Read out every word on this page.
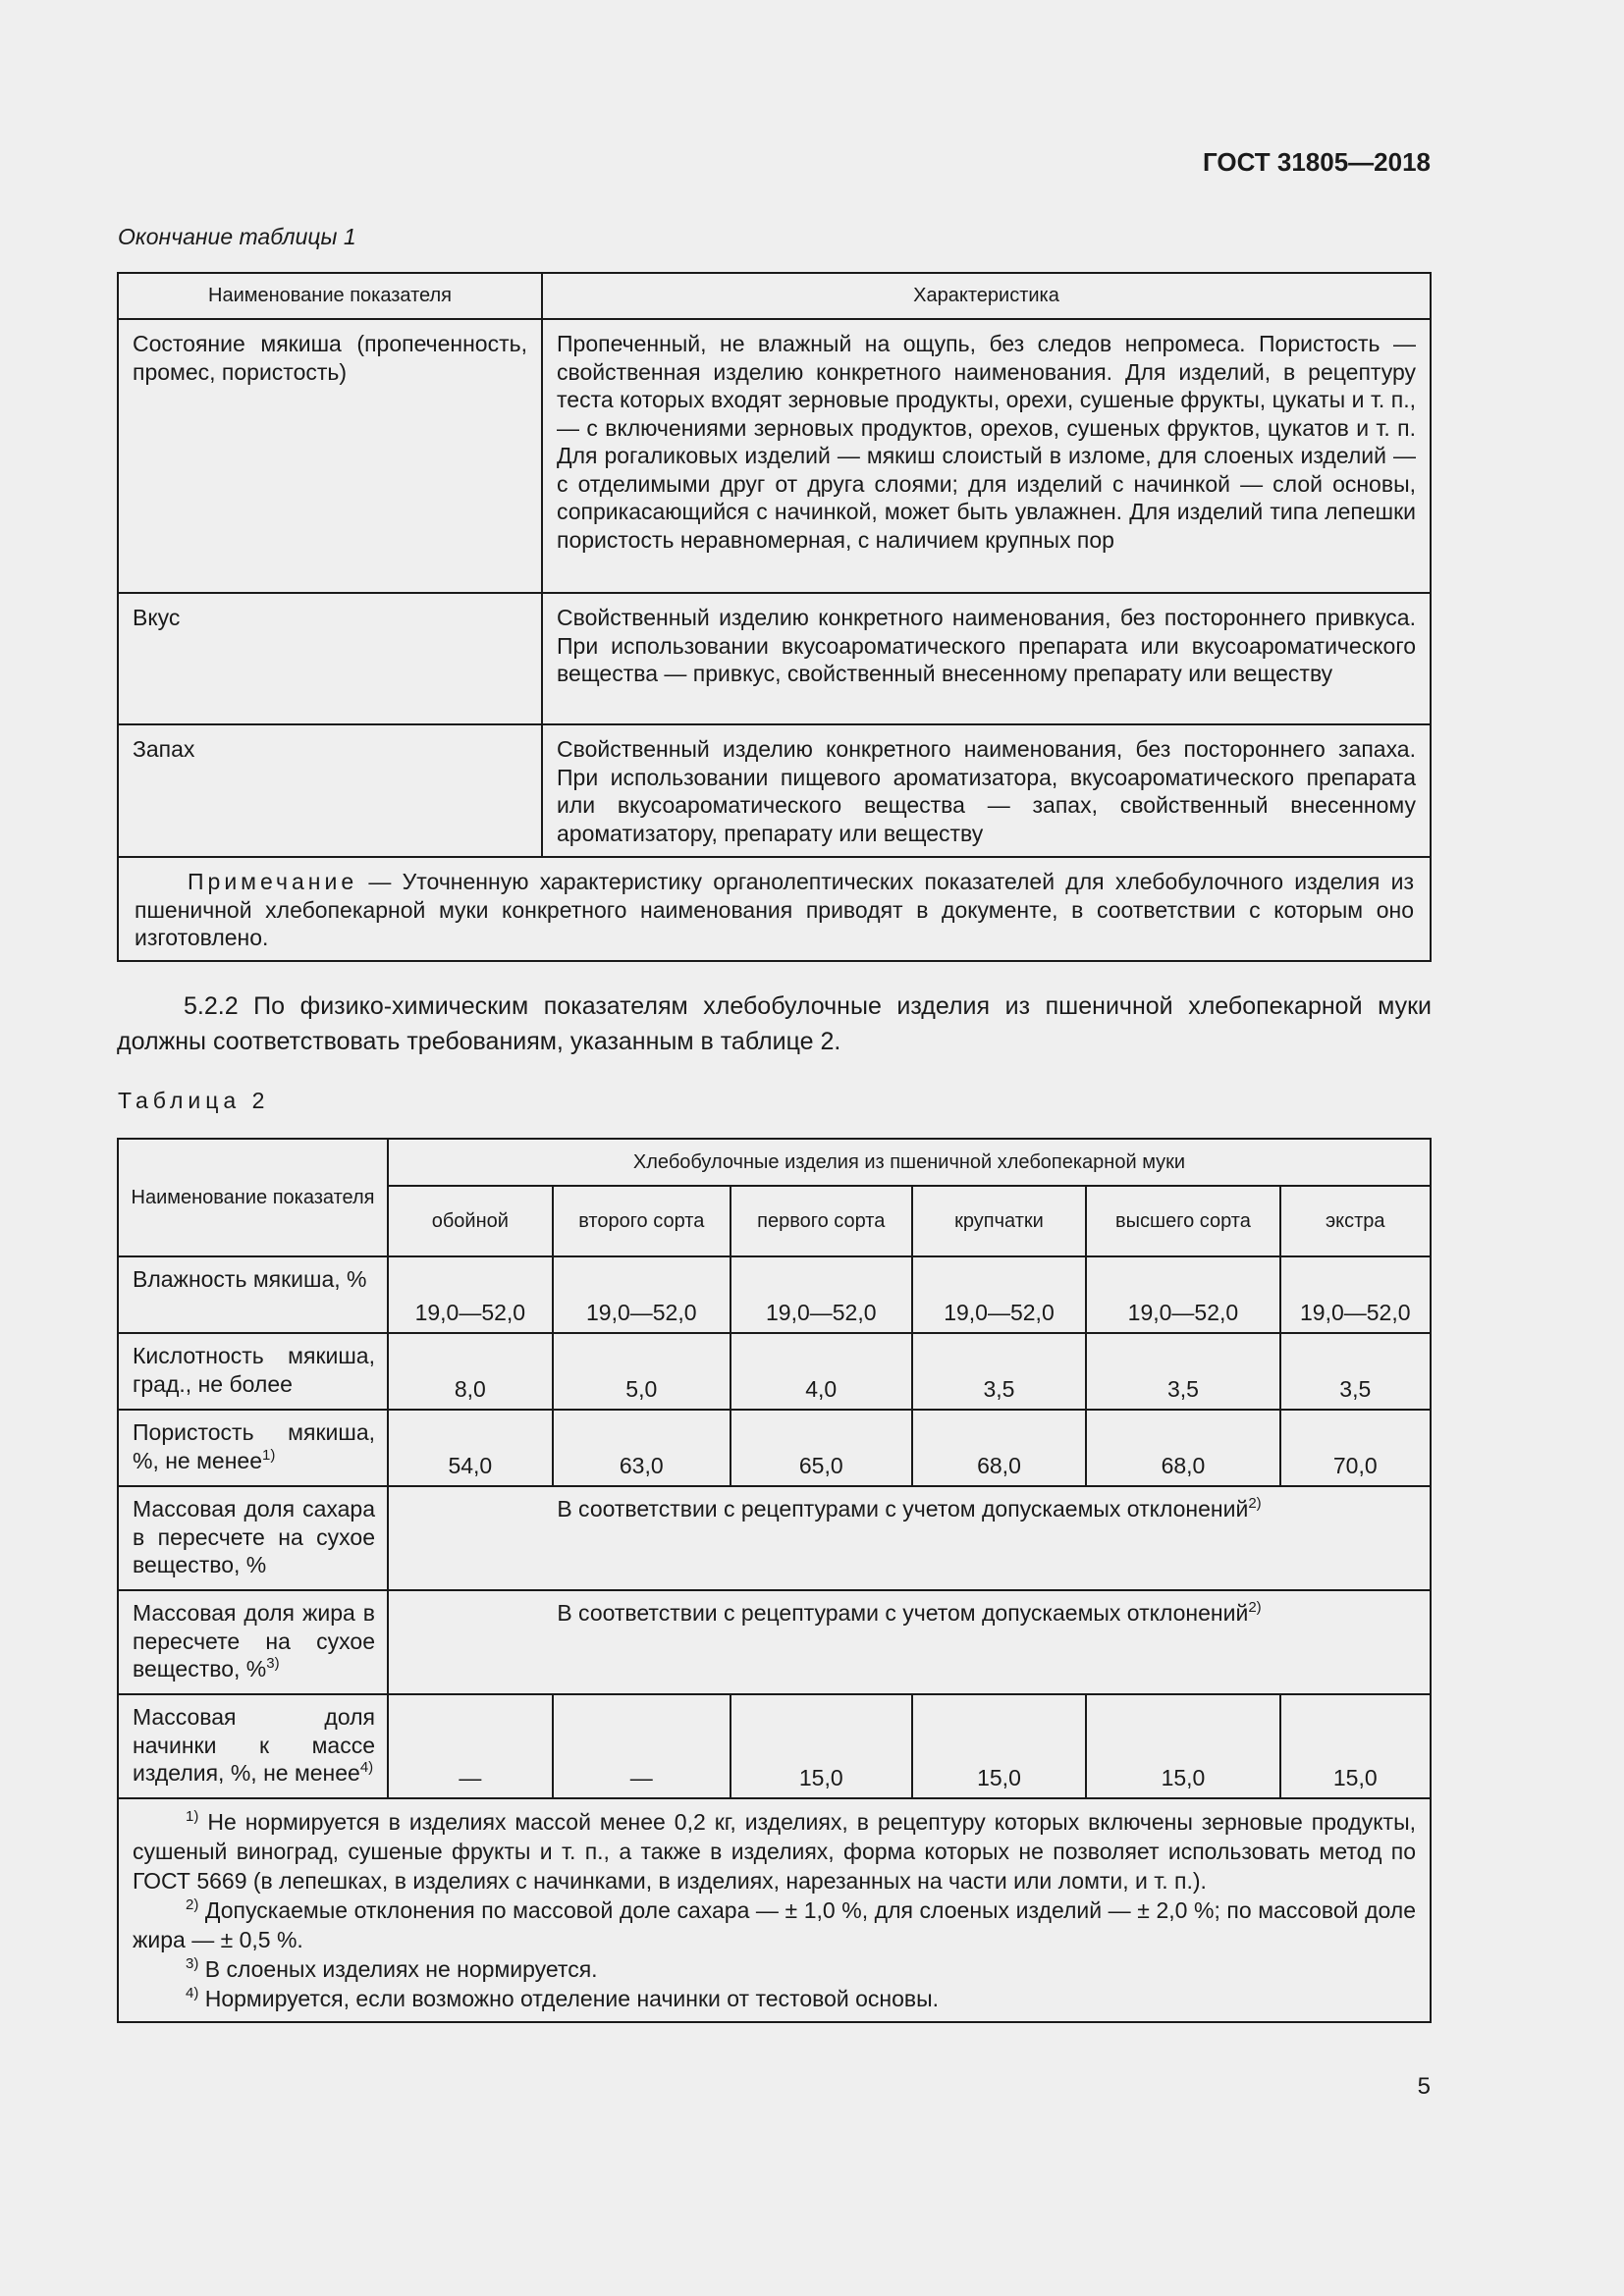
ГОСТ 31805—2018
Окончание таблицы 1
Наименование показателя	Характеристика
Состояние мякиша (пропеченность, промес, пористость)	Пропеченный, не влажный на ощупь, без следов непромеса. Пористость — свойственная изделию конкретного наименования. Для изделий, в рецептуру теста которых входят зерновые продукты, орехи, сушеные фрукты, цукаты и т. п., — с включениями зерновых продуктов, орехов, сушеных фруктов, цукатов и т. п. Для рогаликовых изделий — мякиш слоистый в изломе, для слоеных изделий — с отделимыми друг от друга слоями; для изделий с начинкой — слой основы, соприкасающийся с начинкой, может быть увлажнен. Для изделий типа лепешки пористость неравномерная, с наличием крупных пор
Вкус	Свойственный изделию конкретного наименования, без постороннего привкуса. При использовании вкусоароматического препарата или вкусоароматического вещества — привкус, свойственный внесенному препарату или веществу
Запах	Свойственный изделию конкретного наименования, без постороннего запаха. При использовании пищевого ароматизатора, вкусоароматического препарата или вкусоароматического вещества — запах, свойственный внесенному ароматизатору, препарату или веществу
Примечание — Уточненную характеристику органолептических показателей для хлебобулочного изделия из пшеничной хлебопекарной муки конкретного наименования приводят в документе, в соответствии с которым оно изготовлено.	
5.2.2 По физико-химическим показателям хлебобулочные изделия из пшеничной хлебопекарной муки должны соответствовать требованиям, указанным в таблице 2.
Таблица 2
Наименование показателя	Хлебобулочные изделия из пшеничной хлебопекарной муки					
	обойной	второго сорта	первого сорта	крупчатки	высшего сорта	экстра
Влажность мякиша, %	19,0—52,0	19,0—52,0	19,0—52,0	19,0—52,0	19,0—52,0	19,0—52,0
Кислотность мякиша, град., не более	8,0	5,0	4,0	3,5	3,5	3,5
Пористость мякиша, %, не менее$^{1)}$	54,0	63,0	65,0	68,0	68,0	70,0
Массовая доля сахара в пересчете на сухое вещество, %	В соответствии с рецептурами с учетом допускаемых отклонений$^{2)}$
Массовая доля жира в пересчете на сухое вещество, %$^{3)}$	В соответствии с рецептурами с учетом допускаемых отклонений$^{2)}$
Массовая доля начинки к массе изделия, %, не менее$^{4)}$	—	—	15,0	15,0	15,0	15,0

$^{1)}$ Не нормируется в изделиях массой менее 0,2 кг, изделиях, в рецептуру которых включены зерновые продукты, сушеный виноград, сушеные фрукты и т. п., а также в изделиях, форма которых не позволяет использовать метод по ГОСТ 5669 (в лепешках, в изделиях с начинками, в изделиях, нарезанных на части или ломти, и т. п.).

$^{2)}$ Допускаемые отклонения по массовой доле сахара — ± 1,0 %, для слоеных изделий — ± 2,0 %; по массовой доле жира — ± 0,5 %.

$^{3)}$ В слоеных изделиях не нормируется.

$^{4)}$ Нормируется, если возможно отделение начинки от тестовой основы.						

5
